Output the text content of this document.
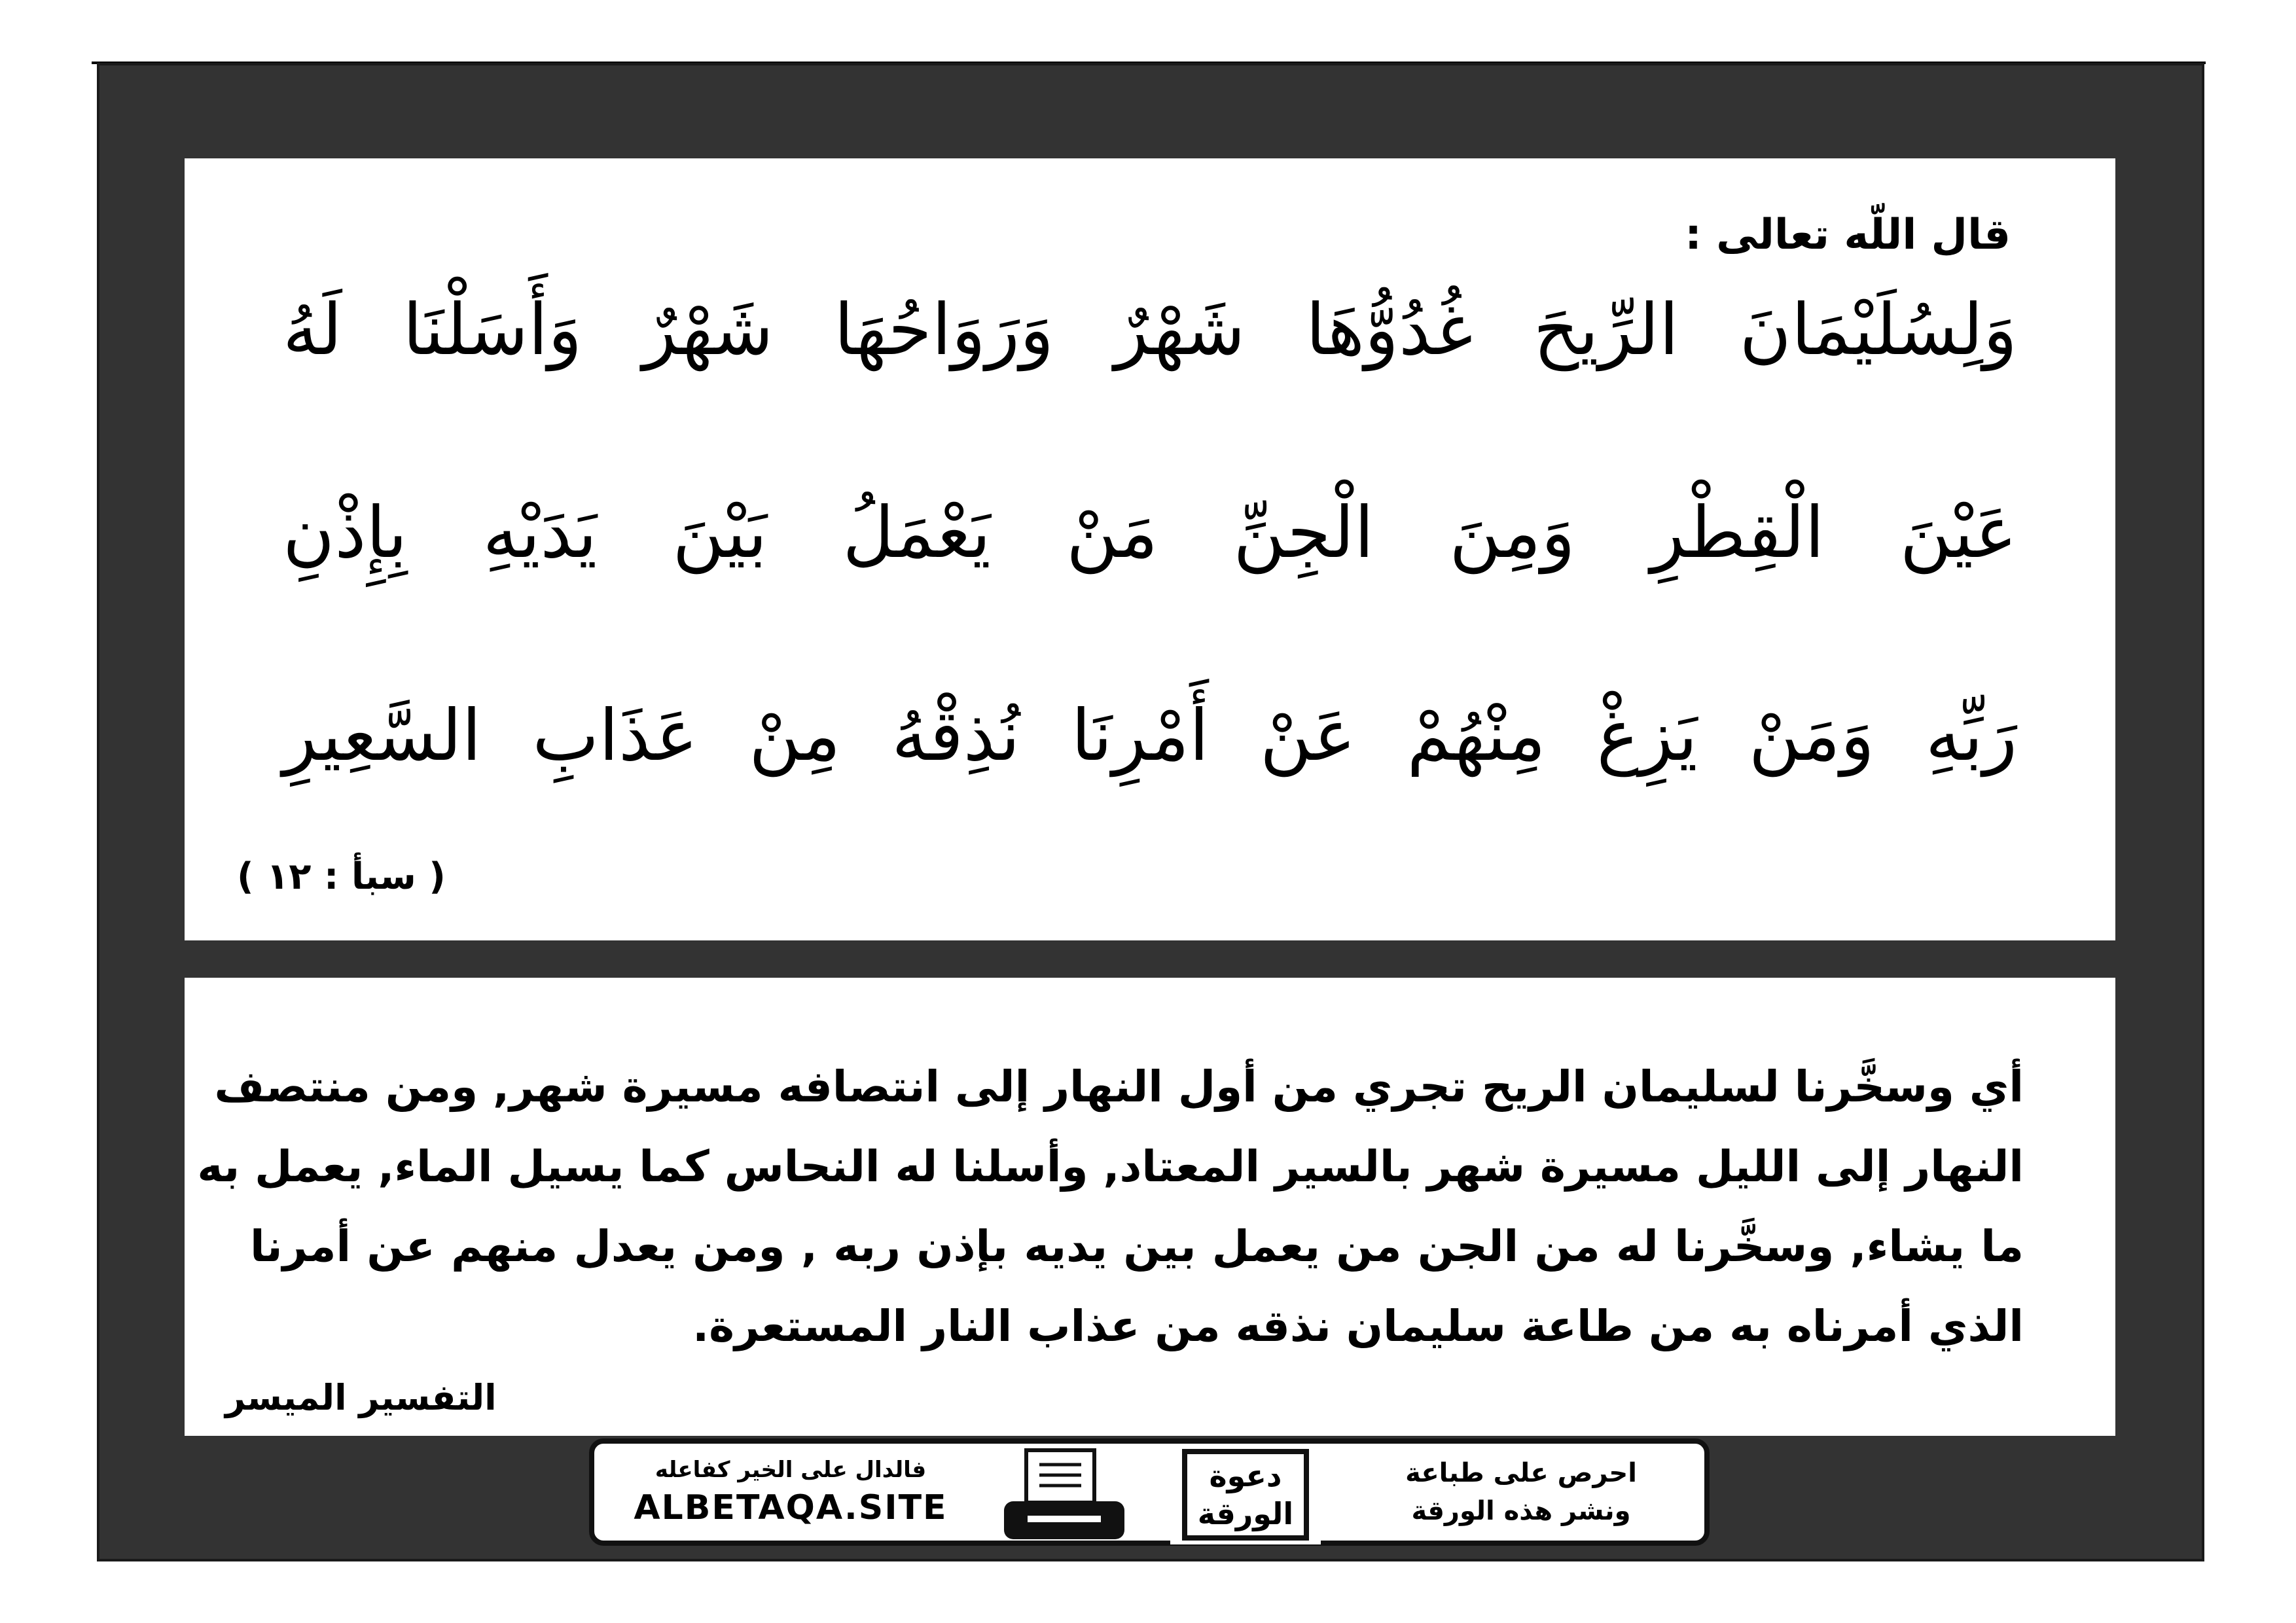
قال اللّه تعالى :
وَلِسُلَيْمَانَ الرِّيحَ غُدُوُّهَا شَهْرٌ وَرَوَاحُهَا شَهْرٌ وَأَسَلْنَا لَهُ
عَيْنَ الْقِطْرِ وَمِنَ الْجِنِّ مَنْ يَعْمَلُ بَيْنَ يَدَيْهِ بِإِذْنِ
رَبِّهِ وَمَنْ يَزِغْ مِنْهُمْ عَنْ أَمْرِنَا نُذِقْهُ مِنْ عَذَابِ السَّعِيرِ
( سبأ : ١٢ )
أي وسخَّرنا لسليمان الريح تجري من أول النهار إلى انتصافه مسيرة شهر, ومن منتصف
النهار إلى الليل مسيرة شهر بالسير المعتاد, وأسلنا له النحاس كما يسيل الماء, يعمل به
ما يشاء, وسخَّرنا له من الجن من يعمل بين يديه بإذن ربه , ومن يعدل منهم عن أمرنا
الذي أمرناه به من طاعة سليمان نذقه من عذاب النار المستعرة.
التفسير الميسر
فالدال على الخير كفاعله
ALBETAQA.SITE
دعوة
الورقة
احرص على طباعة
ونشر هذه الورقة
